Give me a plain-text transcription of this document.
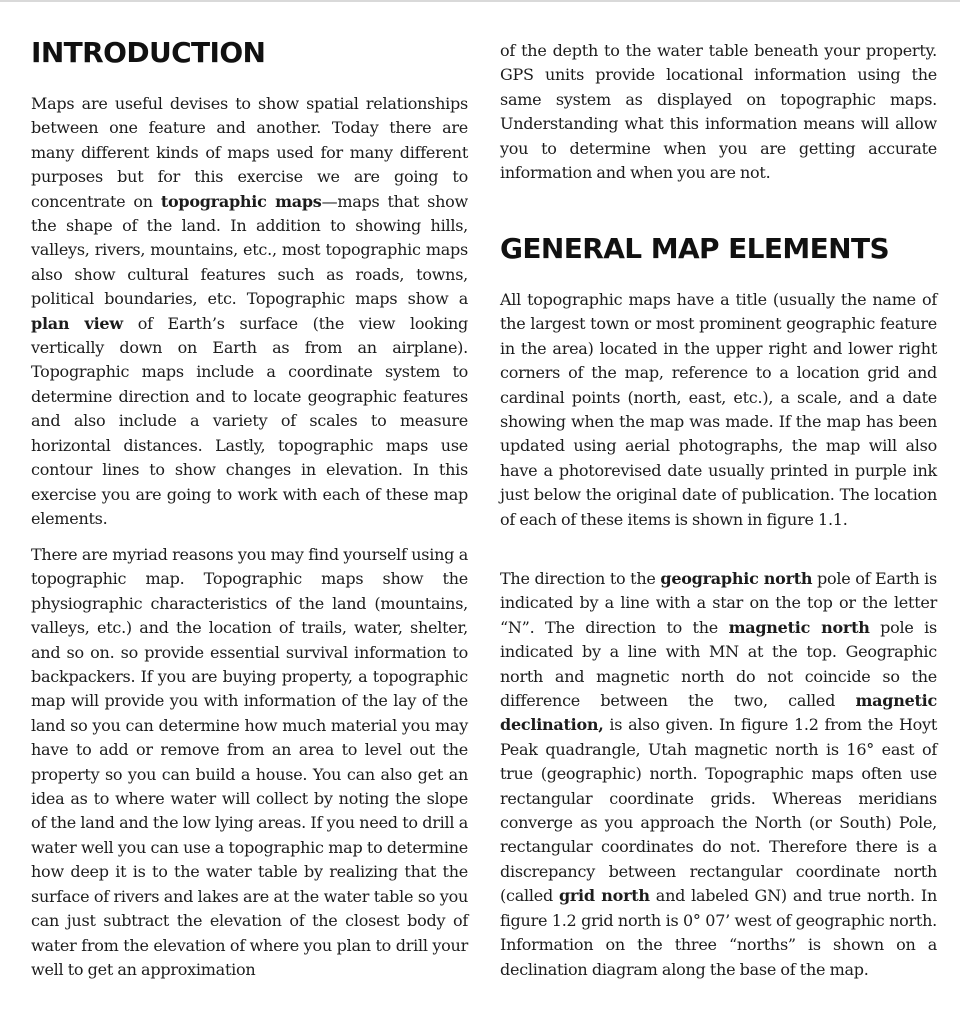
INTRODUCTION

Maps are useful devises to show spatial relationships between one feature and another. Today there are many different kinds of maps used for many different purposes but for this exercise we are going to concentrate on topographic maps—maps that show the shape of the land. In addition to showing hills, valleys, rivers, mountains, etc., most topographic maps also show cultural features such as roads, towns, political boundaries, etc. Topographic maps show a plan view of Earth’s surface (the view looking vertically down on Earth as from an airplane). Topographic maps include a coordinate system to determine direction and to locate geographic features and also include a variety of scales to measure horizontal distances. Lastly, topographic maps use contour lines to show changes in elevation. In this exercise you are going to work with each of these map elements.

There are myriad reasons you may find yourself using a topographic map. Topographic maps show the physiographic characteristics of the land (mountains, valleys, etc.) and the location of trails, water, shelter, and so on. so provide essential survival information to backpackers. If you are buying property, a topographic map will provide you with information of the lay of the land so you can determine how much material you may have to add or remove from an area to level out the property so you can build a house. You can also get an idea as to where water will collect by noting the slope of the land and the low lying areas. If you need to drill a water well you can use a topographic map to determine how deep it is to the water table by realizing that the surface of rivers and lakes are at the water table so you can just subtract the elevation of the closest body of water from the elevation of where you plan to drill your well to get an approximation

of the depth to the water table beneath your property. GPS units provide locational information using the same system as displayed on topographic maps. Understanding what this information means will allow you to determine when you are getting accurate information and when you are not.

GENERAL MAP ELEMENTS

All topographic maps have a title (usually the name of the largest town or most prominent geographic feature in the area) located in the upper right and lower right corners of the map, reference to a location grid and cardinal points (north, east, etc.), a scale, and a date showing when the map was made. If the map has been updated using aerial photographs, the map will also have a photorevised date usually printed in purple ink just below the original date of publication. The location of each of these items is shown in figure 1.1.

The direction to the geographic north pole of Earth is indicated by a line with a star on the top or the letter “N”. The direction to the magnetic north pole is indicated by a line with MN at the top. Geographic north and magnetic north do not coincide so the difference between the two, called magnetic declination, is also given. In figure 1.2 from the Hoyt Peak quadrangle, Utah magnetic north is 16° east of true (geographic) north. Topographic maps often use rectangular coordinate grids. Whereas meridians converge as you approach the North (or South) Pole, rectangular coordinates do not. Therefore there is a discrepancy between rectangular coordinate north (called grid north and labeled GN) and true north. In figure 1.2 grid north is 0° 07’ west of geographic north. Information on the three “norths” is shown on a declination diagram along the base of the map.
